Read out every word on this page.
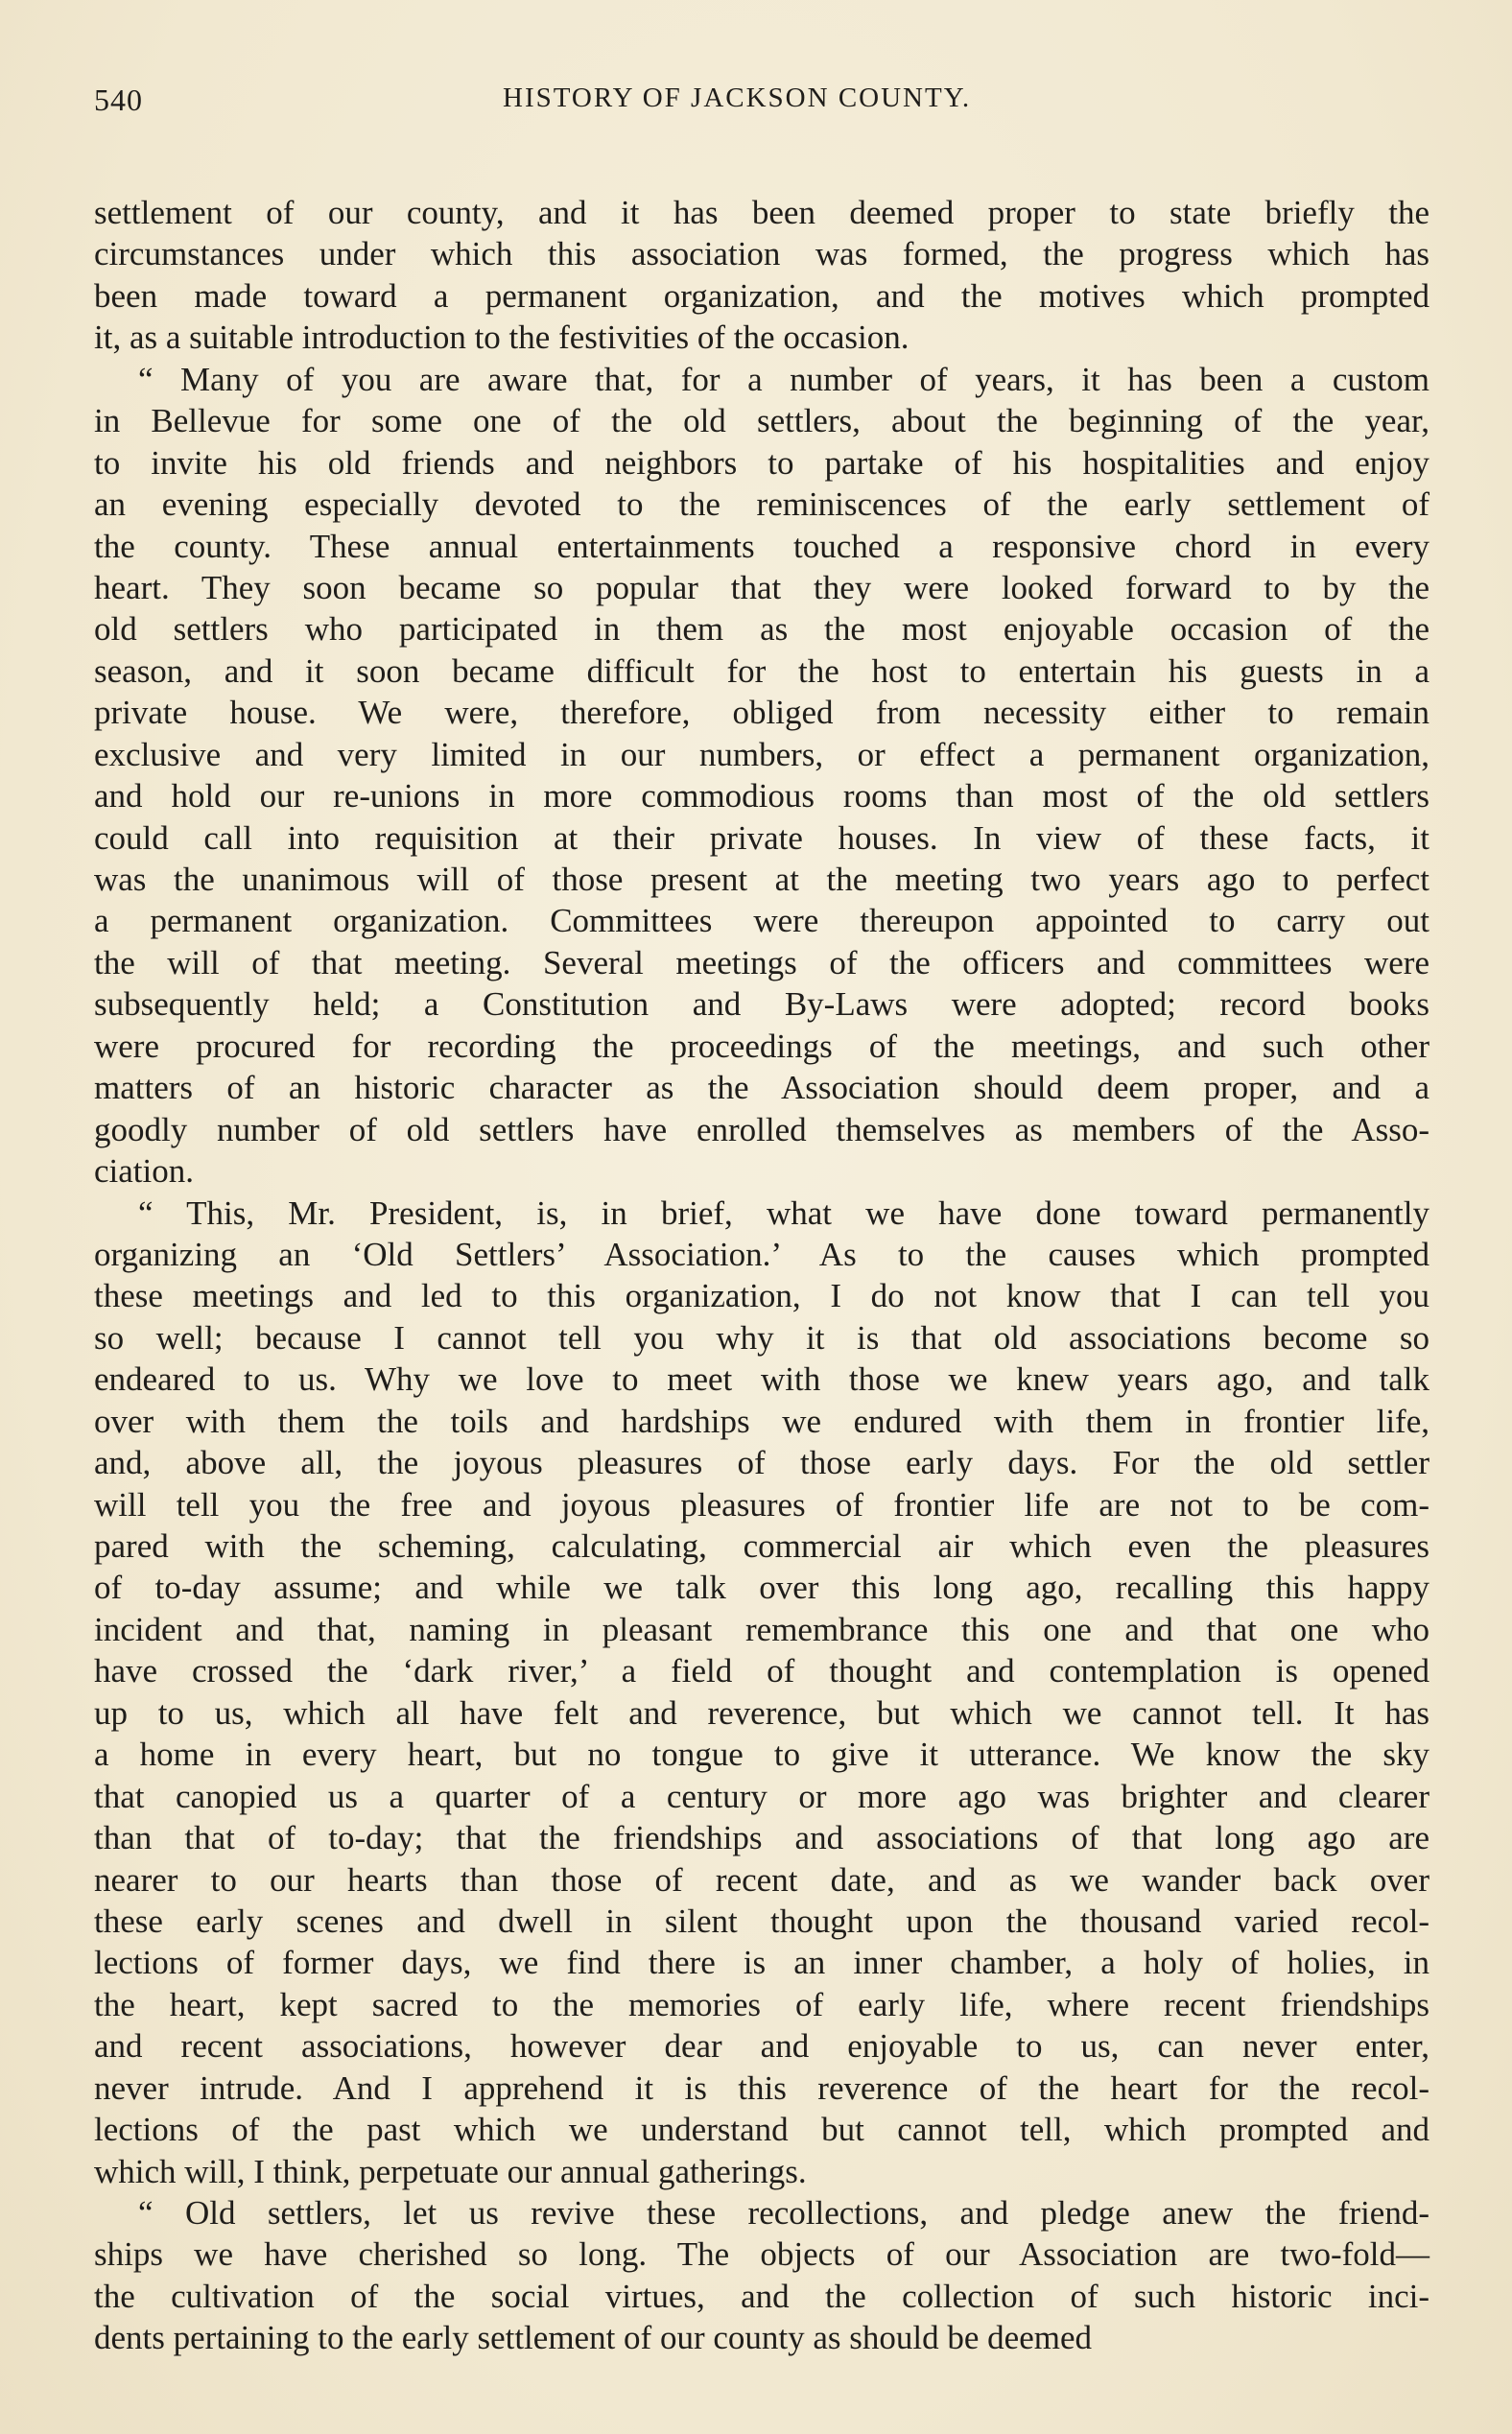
540	HISTORY OF JACKSON COUNTY.
settlement of our county, and it has been deemed proper to state briefly the
circumstances under which this association was formed, the progress which has
been made toward a permanent organization, and the motives which prompted
it, as a suitable introduction to the festivities of the occasion.
“ Many of you are aware that, for a number of years, it has been a custom
in Bellevue for some one of the old settlers, about the beginning of the year,
to invite his old friends and neighbors to partake of his hospitalities and enjoy
an evening especially devoted to the reminiscences of the early settlement of
the county. These annual entertainments touched a responsive chord in every
heart. They soon became so popular that they were looked forward to by the
old settlers who participated in them as the most enjoyable occasion of the
season, and it soon became difficult for the host to entertain his guests in a
private house. We were, therefore, obliged from necessity either to remain
exclusive and very limited in our numbers, or effect a permanent organization,
and hold our re-unions in more commodious rooms than most of the old settlers
could call into requisition at their private houses. In view of these facts, it
was the unanimous will of those present at the meeting two years ago to perfect
a permanent organization. Committees were thereupon appointed to carry out
the will of that meeting. Several meetings of the officers and committees were
subsequently held; a Constitution and By-Laws were adopted; record books
were procured for recording the proceedings of the meetings, and such other
matters of an historic character as the Association should deem proper, and a
goodly number of old settlers have enrolled themselves as members of the Asso-
ciation.
“ This, Mr. President, is, in brief, what we have done toward permanently
organizing an ‘Old Settlers’ Association.’ As to the causes which prompted
these meetings and led to this organization, I do not know that I can tell you
so well; because I cannot tell you why it is that old associations become so
endeared to us. Why we love to meet with those we knew years ago, and talk
over with them the toils and hardships we endured with them in frontier life,
and, above all, the joyous pleasures of those early days. For the old settler
will tell you the free and joyous pleasures of frontier life are not to be com-
pared with the scheming, calculating, commercial air which even the pleasures
of to-day assume; and while we talk over this long ago, recalling this happy
incident and that, naming in pleasant remembrance this one and that one who
have crossed the ‘dark river,’ a field of thought and contemplation is opened
up to us, which all have felt and reverence, but which we cannot tell. It has
a home in every heart, but no tongue to give it utterance. We know the sky
that canopied us a quarter of a century or more ago was brighter and clearer
than that of to-day; that the friendships and associations of that long ago are
nearer to our hearts than those of recent date, and as we wander back over
these early scenes and dwell in silent thought upon the thousand varied recol-
lections of former days, we find there is an inner chamber, a holy of holies, in
the heart, kept sacred to the memories of early life, where recent friendships
and recent associations, however dear and enjoyable to us, can never enter,
never intrude. And I apprehend it is this reverence of the heart for the recol-
lections of the past which we understand but cannot tell, which prompted and
which will, I think, perpetuate our annual gatherings.
“ Old settlers, let us revive these recollections, and pledge anew the friend-
ships we have cherished so long. The objects of our Association are two-fold—
the cultivation of the social virtues, and the collection of such historic inci-
dents pertaining to the early settlement of our county as should be deemed
